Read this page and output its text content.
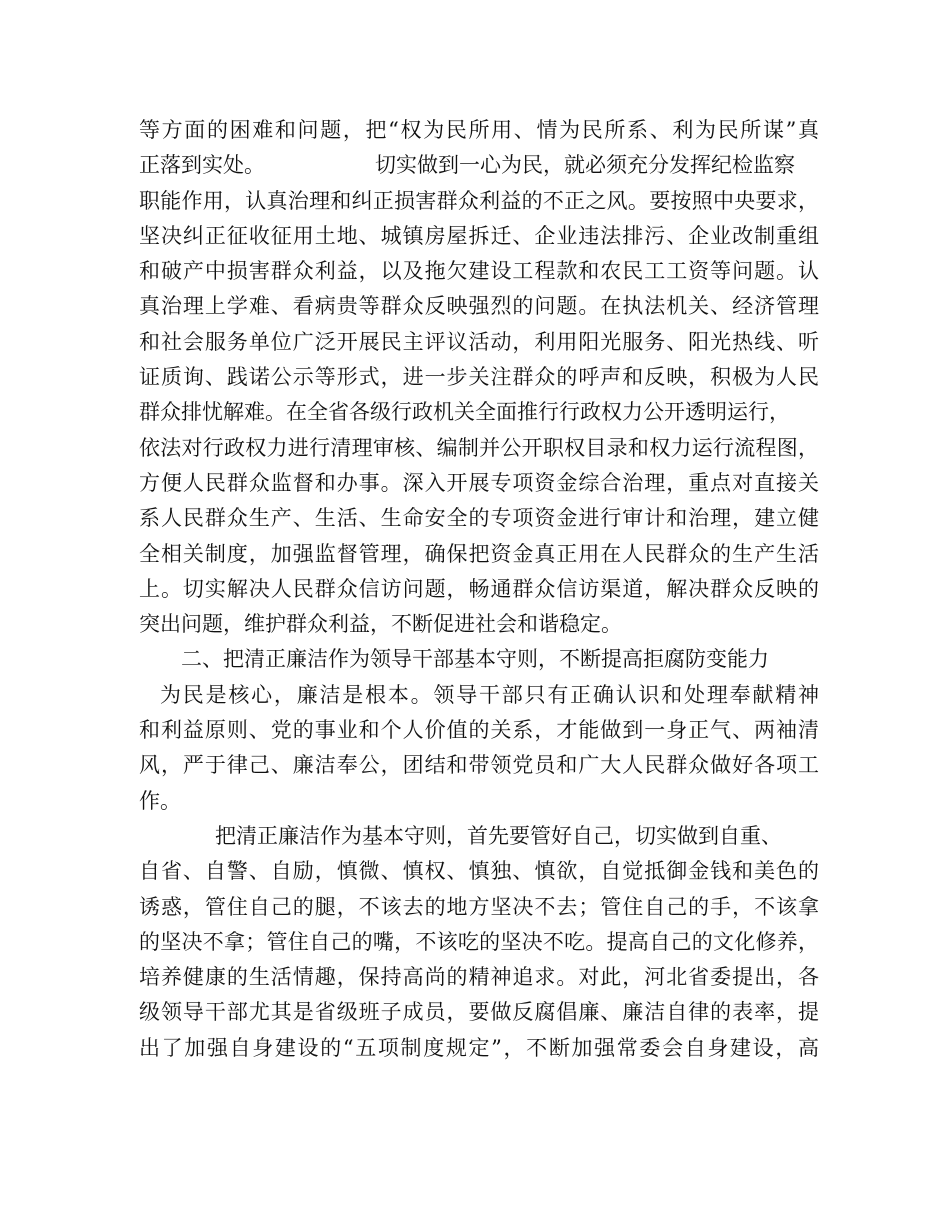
等方面的困难和问题，把“权为民所用、情为民所系、利为民所谋”真
正落到实处。	切实做到一心为民，就必须充分发挥纪检监察
职能作用，认真治理和纠正损害群众利益的不正之风。要按照中央要求，
坚决纠正征收征用土地、城镇房屋拆迁、企业违法排污、企业改制重组
和破产中损害群众利益，以及拖欠建设工程款和农民工工资等问题。认
真治理上学难、看病贵等群众反映强烈的问题。在执法机关、经济管理
和社会服务单位广泛开展民主评议活动，利用阳光服务、阳光热线、听
证质询、践诺公示等形式，进一步关注群众的呼声和反映，积极为人民
群众排忧解难。在全省各级行政机关全面推行行政权力公开透明运行，
依法对行政权力进行清理审核、编制并公开职权目录和权力运行流程图，
方便人民群众监督和办事。深入开展专项资金综合治理，重点对直接关
系人民群众生产、生活、生命安全的专项资金进行审计和治理，建立健
全相关制度，加强监督管理，确保把资金真正用在人民群众的生产生活
上。切实解决人民群众信访问题，畅通群众信访渠道，解决群众反映的
突出问题，维护群众利益，不断促进社会和谐稳定。
二、把清正廉洁作为领导干部基本守则，不断提高拒腐防变能力
为民是核心，廉洁是根本。领导干部只有正确认识和处理奉献精神
和利益原则、党的事业和个人价值的关系，才能做到一身正气、两袖清
风，严于律己、廉洁奉公，团结和带领党员和广大人民群众做好各项工
作。
把清正廉洁作为基本守则，首先要管好自己，切实做到自重、
自省、自警、自励，慎微、慎权、慎独、慎欲，自觉抵御金钱和美色的
诱惑，管住自己的腿，不该去的地方坚决不去；管住自己的手，不该拿
的坚决不拿；管住自己的嘴，不该吃的坚决不吃。提高自己的文化修养，
培养健康的生活情趣，保持高尚的精神追求。对此，河北省委提出，各
级领导干部尤其是省级班子成员，要做反腐倡廉、廉洁自律的表率，提
出了加强自身建设的“五项制度规定”，不断加强常委会自身建设，高
